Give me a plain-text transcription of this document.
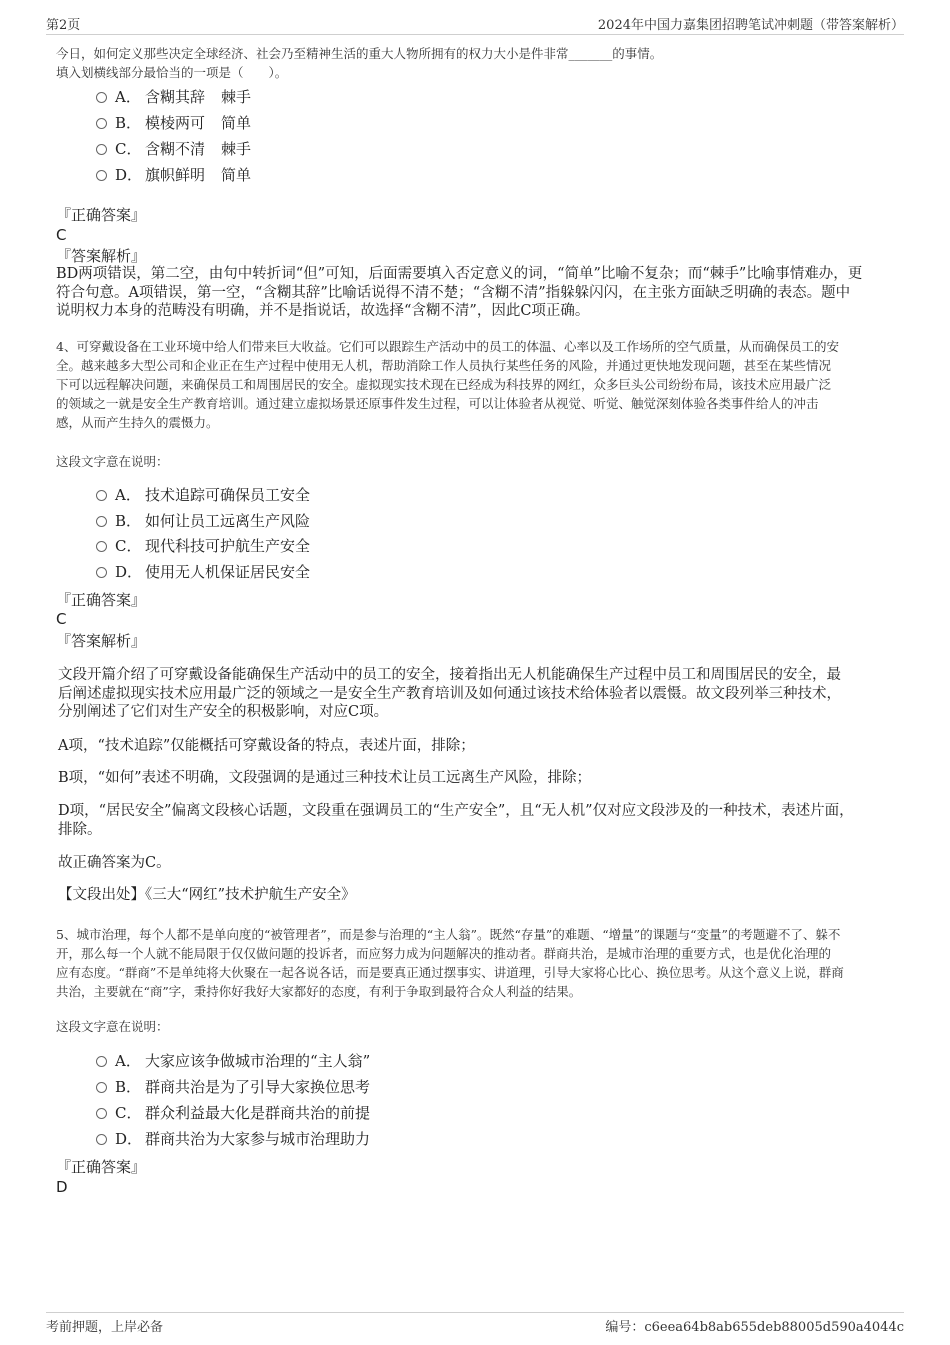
第2页	2024年中国力嘉集团招聘笔试冲刺题（带答案解析）
今日，如何定义那些决定全球经济、社会乃至精神生活的重大人物所拥有的权力大小是件非常_______的事情。
填入划横线部分最恰当的一项是（　　）。
A． 含糊其辞 棘手
B． 模棱两可 简单
C． 含糊不清 棘手
D． 旗帜鲜明 简单
『正确答案』
C
『答案解析』
BD两项错误，第二空，由句中转折词“但”可知，后面需要填入否定意义的词，“简单”比喻不复杂；而“棘手”比喻事情难办，更
符合句意。A项错误，第一空，“含糊其辞”比喻话说得不清不楚；“含糊不清”指躲躲闪闪，在主张方面缺乏明确的表态。题中
说明权力本身的范畴没有明确，并不是指说话，故选择“含糊不清”，因此C项正确。
4、可穿戴设备在工业环境中给人们带来巨大收益。它们可以跟踪生产活动中的员工的体温、心率以及工作场所的空气质量，从而确保员工的安
全。越来越多大型公司和企业正在生产过程中使用无人机，帮助消除工作人员执行某些任务的风险，并通过更快地发现问题，甚至在某些情况
下可以远程解决问题，来确保员工和周围居民的安全。虚拟现实技术现在已经成为科技界的网红，众多巨头公司纷纷布局，该技术应用最广泛
的领域之一就是安全生产教育培训。通过建立虚拟场景还原事件发生过程，可以让体验者从视觉、听觉、触觉深刻体验各类事件给人的冲击
感，从而产生持久的震慑力。
这段文字意在说明：
A． 技术追踪可确保员工安全
B． 如何让员工远离生产风险
C． 现代科技可护航生产安全
D． 使用无人机保证居民安全
『正确答案』
C
『答案解析』
文段开篇介绍了可穿戴设备能确保生产活动中的员工的安全，接着指出无人机能确保生产过程中员工和周围居民的安全，最
后阐述虚拟现实技术应用最广泛的领域之一是安全生产教育培训及如何通过该技术给体验者以震慑。故文段列举三种技术，
分别阐述了它们对生产安全的积极影响，对应C项。
A项，“技术追踪”仅能概括可穿戴设备的特点，表述片面，排除；
B项，“如何”表述不明确，文段强调的是通过三种技术让员工远离生产风险，排除；
D项，“居民安全”偏离文段核心话题，文段重在强调员工的“生产安全”，且“无人机”仅对应文段涉及的一种技术，表述片面，
排除。
故正确答案为C。
【文段出处】《三大“网红”技术护航生产安全》
5、城市治理，每个人都不是单向度的“被管理者”，而是参与治理的“主人翁”。既然“存量”的难题、“增量”的课题与“变量”的考题避不了、躲不
开，那么每一个人就不能局限于仅仅做问题的投诉者，而应努力成为问题解决的推动者。群商共治，是城市治理的重要方式，也是优化治理的
应有态度。“群商”不是单纯将大伙聚在一起各说各话，而是要真正通过摆事实、讲道理，引导大家将心比心、换位思考。从这个意义上说，群商
共治，主要就在“商”字，秉持你好我好大家都好的态度，有利于争取到最符合众人利益的结果。
这段文字意在说明：
A． 大家应该争做城市治理的“主人翁”
B． 群商共治是为了引导大家换位思考
C． 群众利益最大化是群商共治的前提
D． 群商共治为大家参与城市治理助力
『正确答案』
D
考前押题，上岸必备	编号：c6eea64b8ab655deb88005d590a4044c
